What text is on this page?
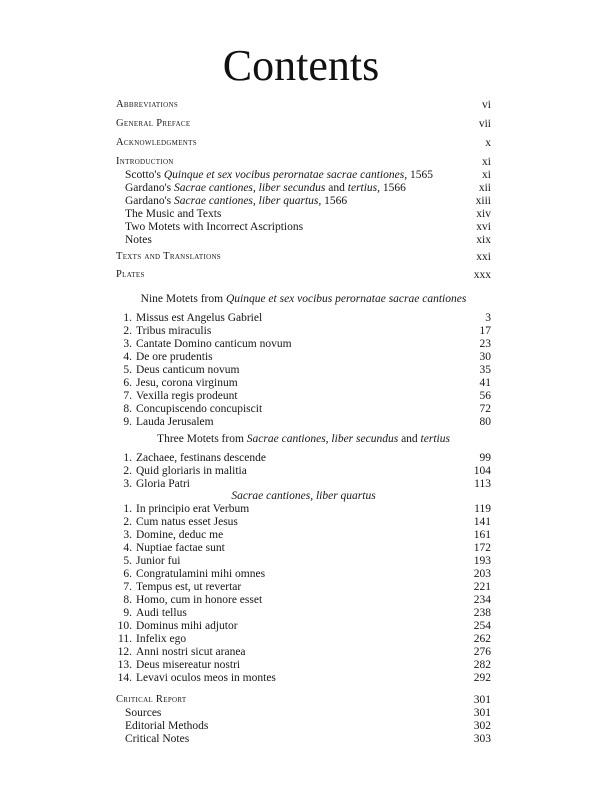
Contents
Abbreviations	vi
General Preface	vii
Acknowledgments	x
Introduction	xi
Scotto's Quinque et sex vocibus perornatae sacrae cantiones, 1565	xi
Gardano's Sacrae cantiones, liber secundus and tertius, 1566	xii
Gardano's Sacrae cantiones, liber quartus, 1566	xiii
The Music and Texts	xiv
Two Motets with Incorrect Ascriptions	xvi
Notes	xix
Texts and Translations	xxi
Plates	xxx
Nine Motets from Quinque et sex vocibus perornatae sacrae cantiones
1. Missus est Angelus Gabriel	3
2. Tribus miraculis	17
3. Cantate Domino canticum novum	23
4. De ore prudentis	30
5. Deus canticum novum	35
6. Jesu, corona virginum	41
7. Vexilla regis prodeunt	56
8. Concupiscendo concupiscit	72
9. Lauda Jerusalem	80
Three Motets from Sacrae cantiones, liber secundus and tertius
1. Zachaee, festinans descende	99
2. Quid gloriaris in malitia	104
3. Gloria Patri	113
Sacrae cantiones, liber quartus
1. In principio erat Verbum	119
2. Cum natus esset Jesus	141
3. Domine, deduc me	161
4. Nuptiae factae sunt	172
5. Junior fui	193
6. Congratulamini mihi omnes	203
7. Tempus est, ut revertar	221
8. Homo, cum in honore esset	234
9. Audi tellus	238
10. Dominus mihi adjutor	254
11. Infelix ego	262
12. Anni nostri sicut aranea	276
13. Deus misereatur nostri	282
14. Levavi oculos meos in montes	292
Critical Report	301
Sources	301
Editorial Methods	302
Critical Notes	303
